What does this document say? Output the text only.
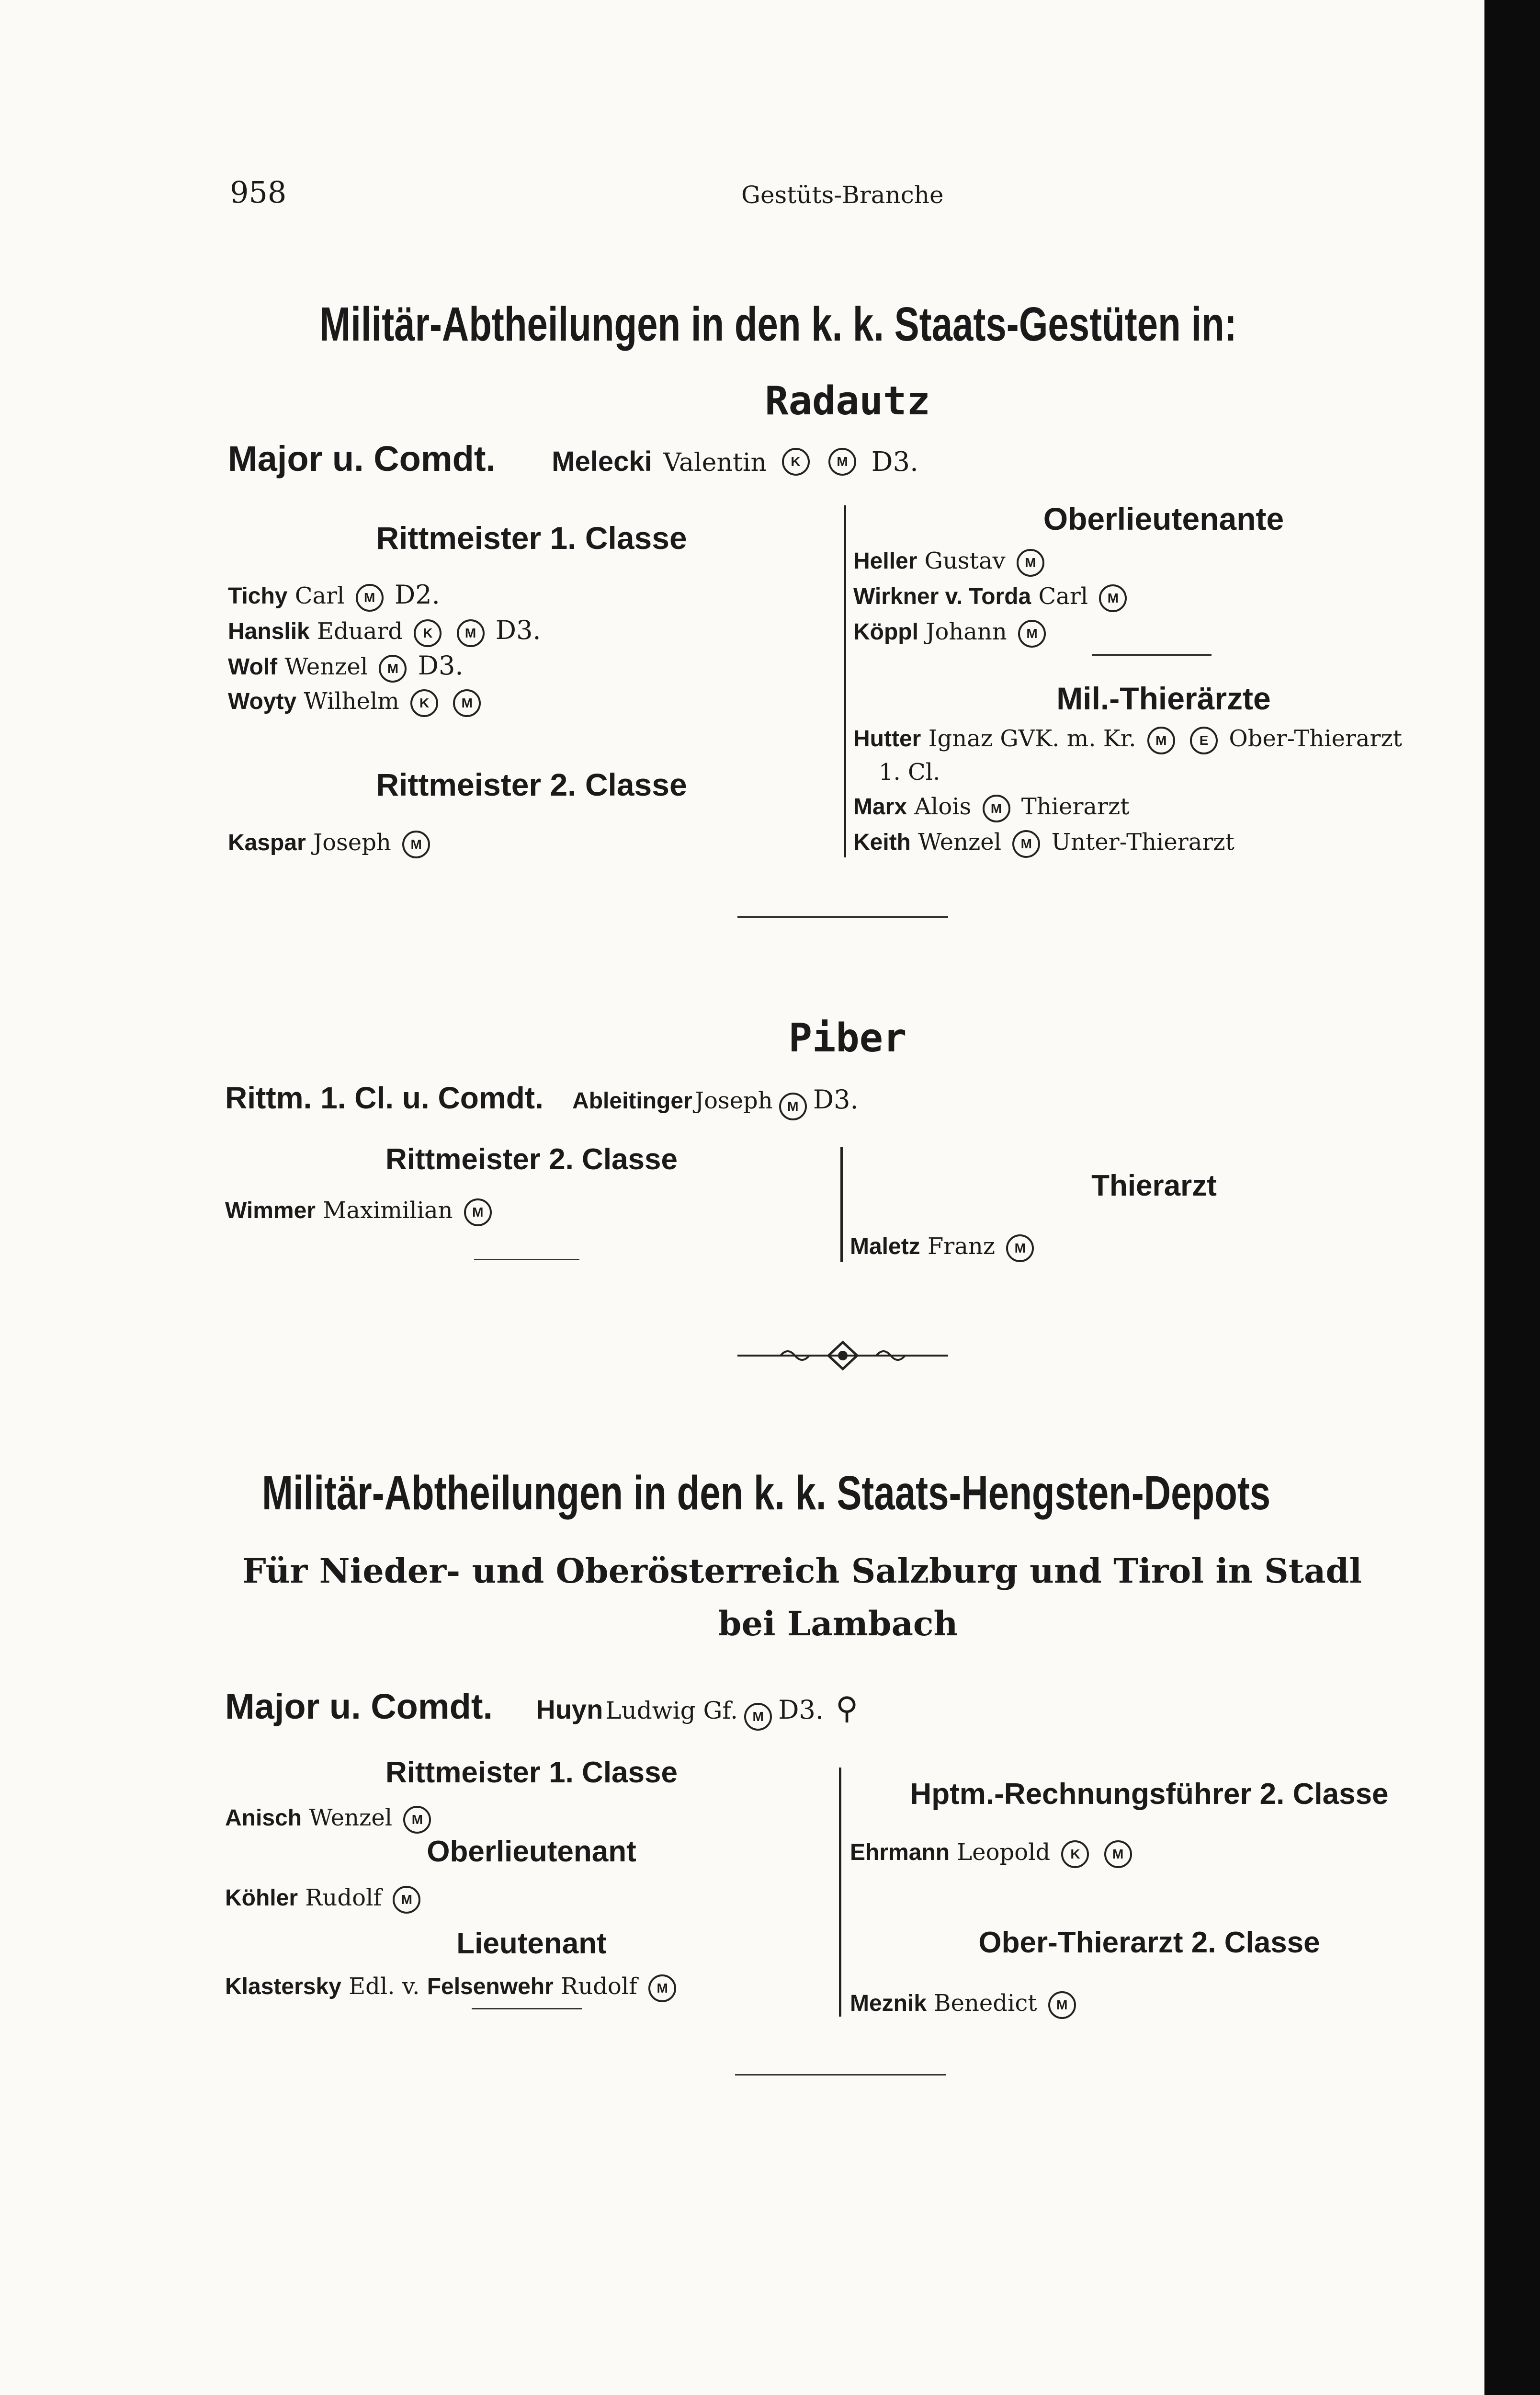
958	Gestüts-Branche
Militär-Abtheilungen in den k. k. Staats-Gestüten in:
Radautz
Major u. Comdt. Melecki Valentin K	M D3.
Rittmeister 1. Classe
Tichy Carl M D2.
Hanslik Eduard K M D3.
Wolf Wenzel M D3.
Woyty Wilhelm K M
Rittmeister 2. Classe
Kaspar Joseph M
Oberlieutenante
Heller Gustav M
Wirkner v. Torda Carl M
Köppl Johann M
Mil.-Thierärzte
Hutter Ignaz GVK. m. Kr. M E Ober-Thierarzt
1. Cl.
Marx Alois M Thierarzt
Keith Wenzel M Unter-Thierarzt
Piber
Rittm. 1. Cl. u. Comdt. Ableitinger Joseph M D3.
Rittmeister 2. Classe
Wimmer Maximilian M
Thierarzt
Maletz Franz M
Militär-Abtheilungen in den k. k. Staats-Hengsten-Depots
Für Nieder- und Oberösterreich Salzburg und Tirol in Stadl
bei Lambach
Major u. Comdt. Huyn Ludwig Gf. M D3. ⚲
Rittmeister 1. Classe
Anisch Wenzel M
Oberlieutenant
Köhler Rudolf M
Lieutenant
Klastersky Edl. v. Felsenwehr Rudolf M
Hptm.-Rechnungsführer 2. Classe
Ehrmann Leopold K M
Ober-Thierarzt 2. Classe
Meznik Benedict M
